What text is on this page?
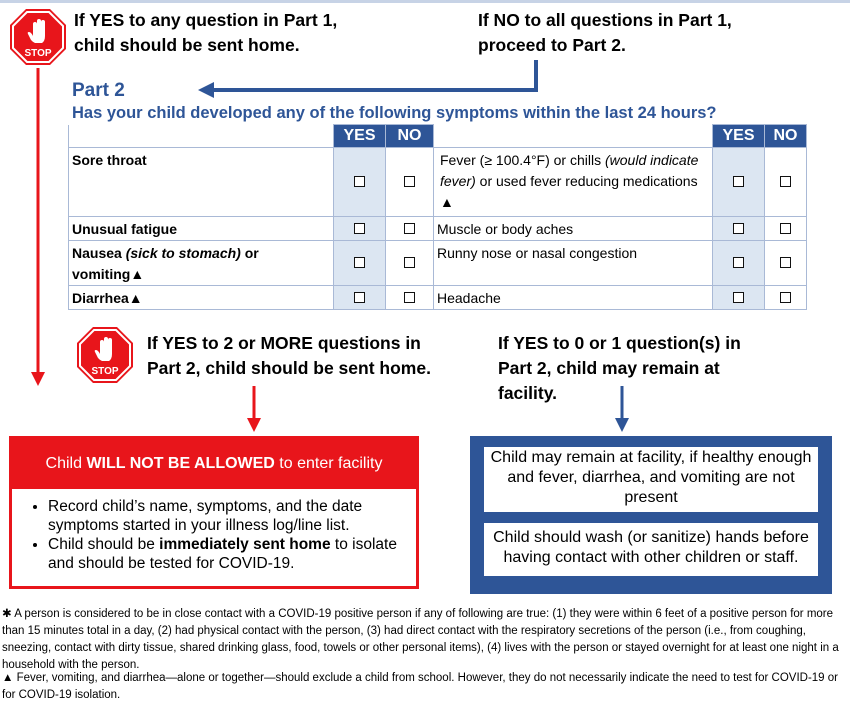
STOP
If YES to any question in Part 1,
child should be sent home.
If NO to all questions in Part 1,
proceed to Part 2.
Part 2
Has your child developed any of the following symptoms within the last 24 hours?
	YES	NO		YES	NO
Sore throat			Fever (≥ 100.4°F) or chills (would indicate fever) or used fever reducing medications ▲		
Unusual fatigue			Muscle or body aches		
Nausea (sick to stomach) or vomiting▲			Runny nose or nasal congestion		
Diarrhea▲			Headache		
STOP
If YES to 2 or MORE questions in
Part 2, child should be sent home.
If YES to 0 or 1 question(s) in
Part 2, child may remain at
facility.
Child WILL NOT BE ALLOWED to enter facility
• Record child’s name, symptoms, and the date symptoms started in your illness log/line list.
• Child should be immediately sent home to isolate and should be tested for COVID-19.
Child may remain at facility, if healthy enough and fever, diarrhea, and vomiting are not present
Child should wash (or sanitize) hands before having contact with other children or staff.
✱ A person is considered to be in close contact with a COVID-19 positive person if any of following are true: (1) they were within 6 feet of a positive person for more than 15 minutes total in a day, (2) had physical contact with the person, (3) had direct contact with the respiratory secretions of the person (i.e., from coughing, sneezing, contact with dirty tissue, shared drinking glass, food, towels or other personal items), (4) lives with the person or stayed overnight for at least one night in a household with the person.
▲ Fever, vomiting, and diarrhea—alone or together—should exclude a child from school. However, they do not necessarily indicate the need to test for COVID-19 or for COVID-19 isolation.
